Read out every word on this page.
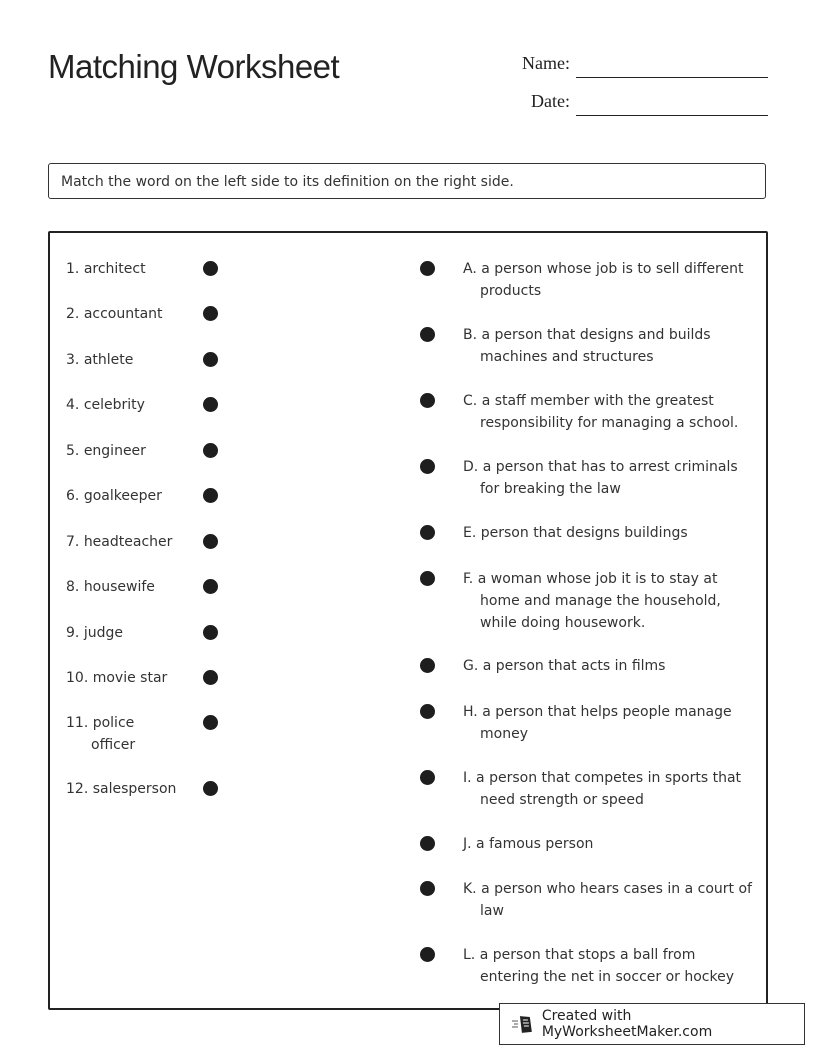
Matching Worksheet	Name:
Date:
Match the word on the left side to its definition on the right side.
1. architect
2. accountant
3. athlete
4. celebrity
5. engineer
6. goalkeeper
7. headteacher
8. housewife
9. judge
10. movie star
11. police
officer
12. salesperson
A. a person whose job is to sell different
products
B. a person that designs and builds
machines and structures
C. a staff member with the greatest
responsibility for managing a school.
D. a person that has to arrest criminals
for breaking the law
E. person that designs buildings
F. a woman whose job it is to stay at
home and manage the household,
while doing housework.
G. a person that acts in films
H. a person that helps people manage
money
I. a person that competes in sports that
need strength or speed
J. a famous person
K. a person who hears cases in a court of
law
L. a person that stops a ball from
entering the net in soccer or hockey
Created with MyWorksheetMaker.com
